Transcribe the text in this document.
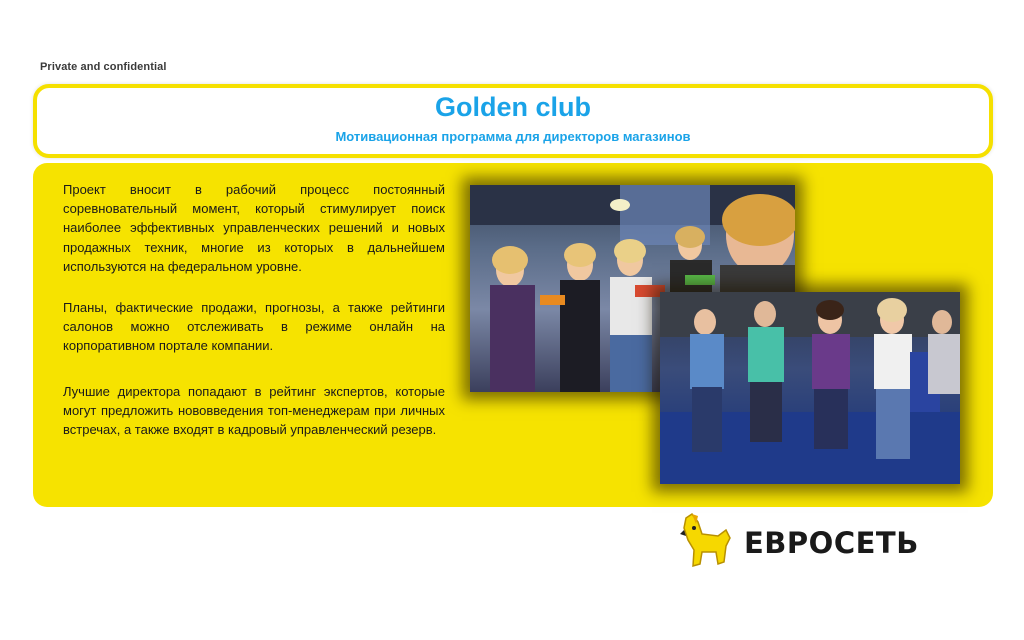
Private and confidential
Golden club
Мотивационная программа для директоров магазинов

Проект вносит в рабочий процесс постоянный соревновательный момент, который стимулирует поиск наиболее эффективных управленческих решений и новых продажных техник, многие из которых в дальнейшем используются на федеральном уровне.

Планы, фактические продажи, прогнозы, а также рейтинги салонов можно отслеживать в режиме онлайн на корпоративном портале компании.

Лучшие директора попадают в рейтинг экспертов, которые могут предложить нововведения топ-менеджерам при личных встречах, а также входят в кадровый управленческий резерв.

ЕВРОСЕТЬ
